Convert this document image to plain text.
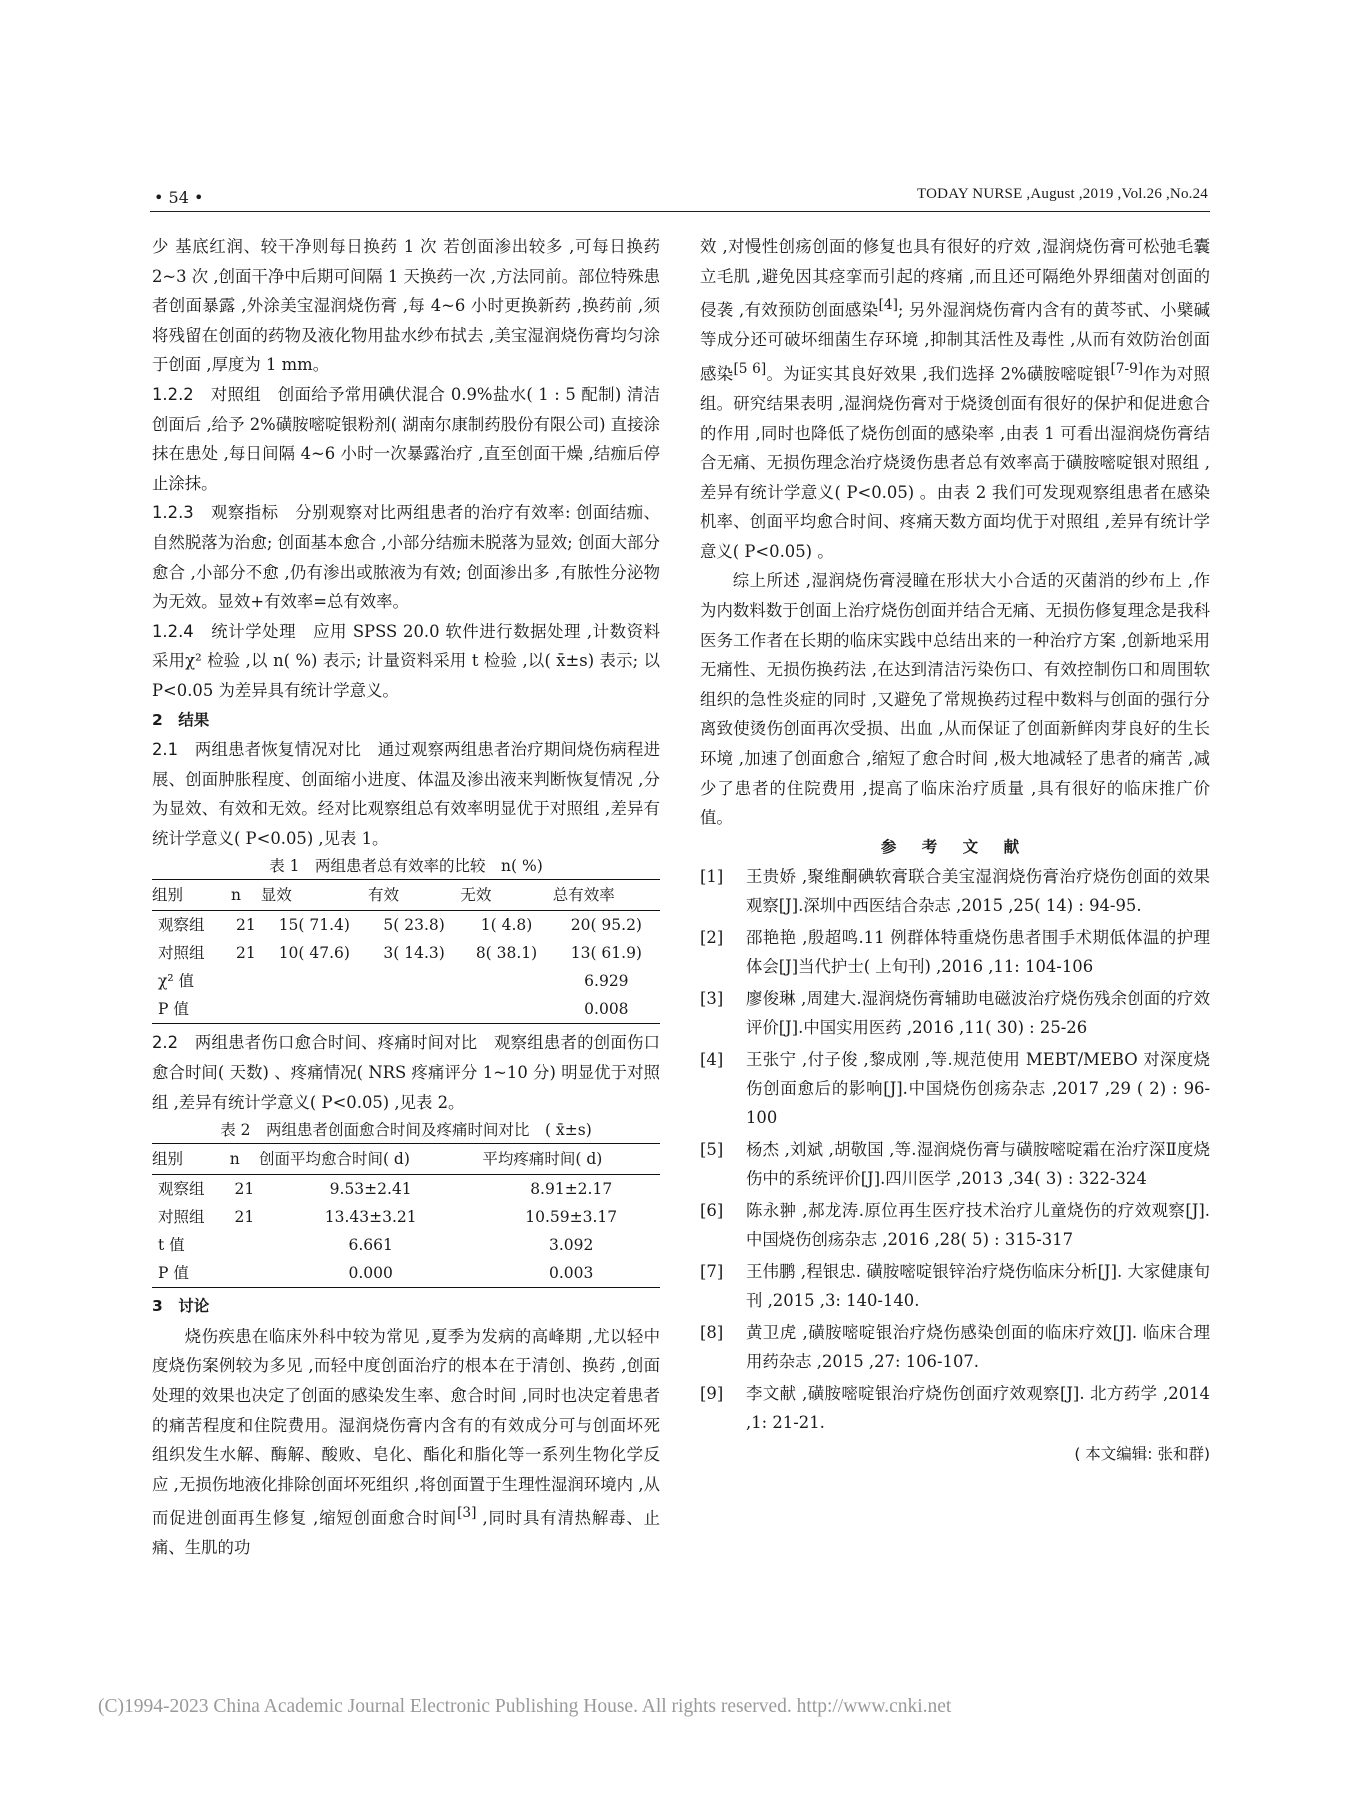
• 54 •	TODAY NURSE ,August ,2019 ,Vol.26 ,No.24

少 基底红润、较干净则每日换药 1 次 若创面渗出较多 ,可每日换药 2~3 次 ,创面干净中后期可间隔 1 天换药一次 ,方法同前。部位特殊患者创面暴露 ,外涂美宝湿润烧伤膏 ,每 4~6 小时更换新药 ,换药前 ,须将残留在创面的药物及液化物用盐水纱布拭去 ,美宝湿润烧伤膏均匀涂于创面 ,厚度为 1 mm。

1.2.2　对照组　创面给予常用碘伏混合 0.9%盐水( 1 : 5 配制) 清洁创面后 ,给予 2%磺胺嘧啶银粉剂( 湖南尔康制药股份有限公司) 直接涂抹在患处 ,每日间隔 4~6 小时一次暴露治疗 ,直至创面干燥 ,结痂后停止涂抹。

1.2.3　观察指标　分别观察对比两组患者的治疗有效率: 创面结痂、自然脱落为治愈; 创面基本愈合 ,小部分结痂未脱落为显效; 创面大部分愈合 ,小部分不愈 ,仍有渗出或脓液为有效; 创面渗出多 ,有脓性分泌物为无效。显效+有效率=总有效率。

1.2.4　统计学处理　应用 SPSS 20.0 软件进行数据处理 ,计数资料采用χ² 检验 ,以 n( %) 表示; 计量资料采用 t 检验 ,以( x̄±s) 表示; 以 P<0.05 为差异具有统计学意义。

2　结果

2.1　两组患者恢复情况对比　通过观察两组患者治疗期间烧伤病程进展、创面肿胀程度、创面缩小进度、体温及渗出液来判断恢复情况 ,分为显效、有效和无效。经对比观察组总有效率明显优于对照组 ,差异有统计学意义( P<0.05) ,见表 1。

表 1　两组患者总有效率的比较　n( %)

组别	n	显效	有效	无效	总有效率
观察组	21	15( 71.4)	5( 23.8)	1( 4.8)	20( 95.2)
对照组	21	10( 47.6)	3( 14.3)	8( 38.1)	13( 61.9)
χ² 值					6.929
P 值					0.008

2.2　两组患者伤口愈合时间、疼痛时间对比　观察组患者的创面伤口愈合时间( 天数) 、疼痛情况( NRS 疼痛评分 1~10 分) 明显优于对照组 ,差异有统计学意义( P<0.05) ,见表 2。

表 2　两组患者创面愈合时间及疼痛时间对比　( x̄±s)

组别	n	创面平均愈合时间( d)	平均疼痛时间( d)
观察组	21	9.53±2.41	8.91±2.17
对照组	21	13.43±3.21	10.59±3.17
t 值		6.661	3.092
P 值		0.000	0.003

3　讨论

烧伤疾患在临床外科中较为常见 ,夏季为发病的高峰期 ,尤以轻中度烧伤案例较为多见 ,而轻中度创面治疗的根本在于清创、换药 ,创面处理的效果也决定了创面的感染发生率、愈合时间 ,同时也决定着患者的痛苦程度和住院费用。湿润烧伤膏内含有的有效成分可与创面坏死组织发生水解、酶解、酸败、皂化、酯化和脂化等一系列生物化学反应 ,无损伤地液化排除创面坏死组织 ,将创面置于生理性湿润环境内 ,从而促进创面再生修复 ,缩短创面愈合时间[3] ,同时具有清热解毒、止痛、生肌的功

效 ,对慢性创疡创面的修复也具有很好的疗效 ,湿润烧伤膏可松弛毛囊立毛肌 ,避免因其痉挛而引起的疼痛 ,而且还可隔绝外界细菌对创面的侵袭 ,有效预防创面感染[4]; 另外湿润烧伤膏内含有的黄芩甙、小檗碱等成分还可破坏细菌生存环境 ,抑制其活性及毒性 ,从而有效防治创面感染[5 6]。为证实其良好效果 ,我们选择 2%磺胺嘧啶银[7-9]作为对照组。研究结果表明 ,湿润烧伤膏对于烧烫创面有很好的保护和促进愈合的作用 ,同时也降低了烧伤创面的感染率 ,由表 1 可看出湿润烧伤膏结合无痛、无损伤理念治疗烧烫伤患者总有效率高于磺胺嘧啶银对照组 ,差异有统计学意义( P<0.05) 。由表 2 我们可发现观察组患者在感染机率、创面平均愈合时间、疼痛天数方面均优于对照组 ,差异有统计学意义( P<0.05) 。

综上所述 ,湿润烧伤膏浸瞳在形状大小合适的灭菌消的纱布上 ,作为内数料数于创面上治疗烧伤创面并结合无痛、无损伤修复理念是我科医务工作者在长期的临床实践中总结出来的一种治疗方案 ,创新地采用无痛性、无损伤换药法 ,在达到清洁污染伤口、有效控制伤口和周围软组织的急性炎症的同时 ,又避免了常规换药过程中数料与创面的强行分离致使烫伤创面再次受损、出血 ,从而保证了创面新鲜肉芽良好的生长环境 ,加速了创面愈合 ,缩短了愈合时间 ,极大地减轻了患者的痛苦 ,减少了患者的住院费用 ,提高了临床治疗质量 ,具有很好的临床推广价值。

参 考 文 献

[1]	王贵娇 ,聚维酮碘软膏联合美宝湿润烧伤膏治疗烧伤创面的效果观察[J].深圳中西医结合杂志 ,2015 ,25( 14) : 94-95.
[2]	邵艳艳 ,殷超鸣.11 例群体特重烧伤患者围手术期低体温的护理体会[J]当代护士( 上旬刊) ,2016 ,11: 104-106
[3]	廖俊琳 ,周建大.湿润烧伤膏辅助电磁波治疗烧伤残余创面的疗效评价[J].中国实用医药 ,2016 ,11( 30) : 25-26
[4]	王张宁 ,付子俊 ,黎成刚 ,等.规范使用 MEBT/MEBO 对深度烧伤创面愈后的影响[J].中国烧伤创疡杂志 ,2017 ,29 ( 2) : 96-100
[5]	杨杰 ,刘斌 ,胡敬国 ,等.湿润烧伤膏与磺胺嘧啶霜在治疗深Ⅱ度烧伤中的系统评价[J].四川医学 ,2013 ,34( 3) : 322-324
[6]	陈永翀 ,郝龙涛.原位再生医疗技术治疗儿童烧伤的疗效观察[J].中国烧伤创疡杂志 ,2016 ,28( 5) : 315-317
[7]	王伟鹏 ,程银忠. 磺胺嘧啶银锌治疗烧伤临床分析[J]. 大家健康旬刊 ,2015 ,3: 140-140.
[8]	黄卫虎 ,磺胺嘧啶银治疗烧伤感染创面的临床疗效[J]. 临床合理用药杂志 ,2015 ,27: 106-107.
[9]	李文献 ,磺胺嘧啶银治疗烧伤创面疗效观察[J]. 北方药学 ,2014 ,1: 21-21.

( 本文编辑: 张和群)

(C)1994-2023 China Academic Journal Electronic Publishing House. All rights reserved. http://www.cnki.net
